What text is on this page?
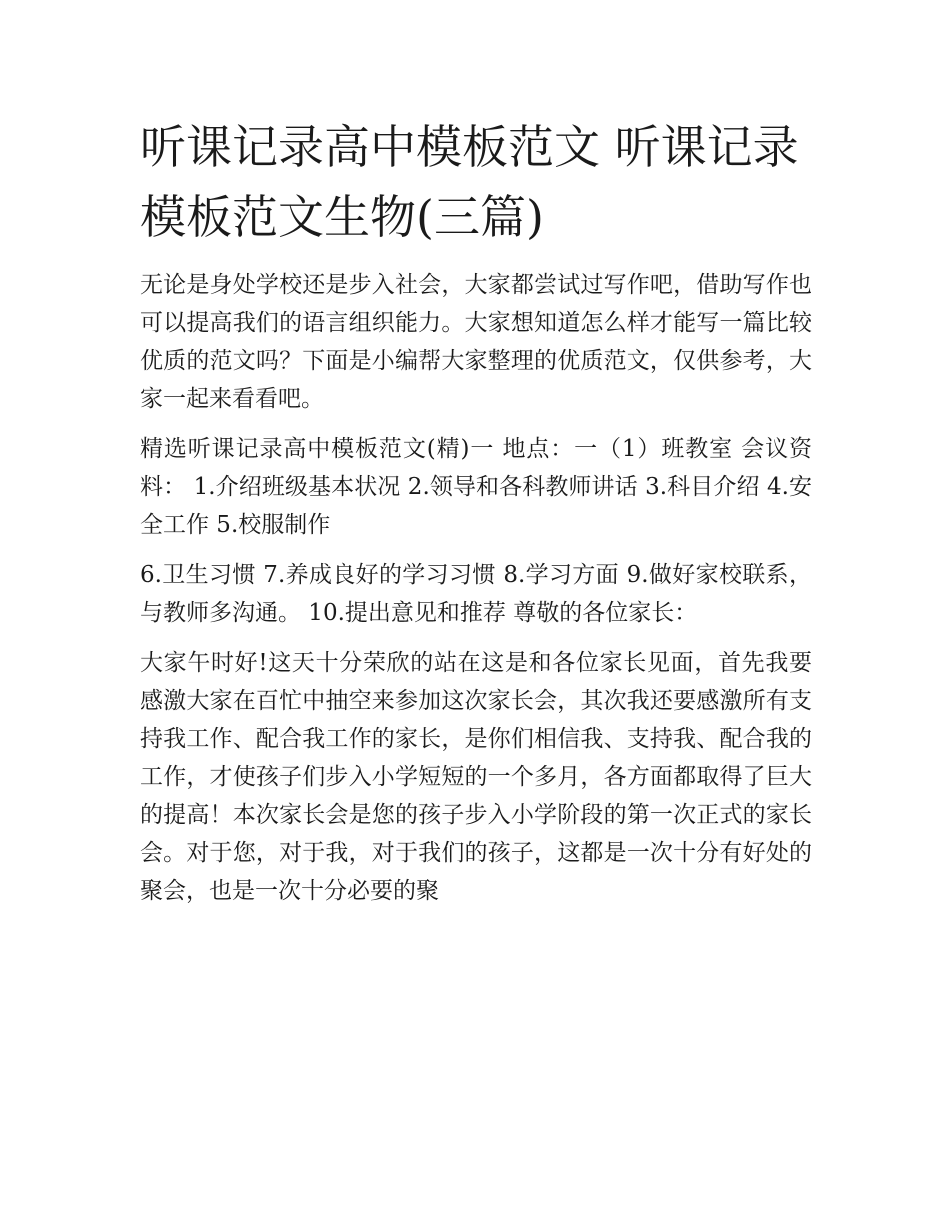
听课记录高中模板范文 听课记录模板范文生物(三篇)

无论是身处学校还是步入社会，大家都尝试过写作吧，借助写作也可以提高我们的语言组织能力。大家想知道怎么样才能写一篇比较优质的范文吗？下面是小编帮大家整理的优质范文，仅供参考，大家一起来看看吧。

精选听课记录高中模板范文(精)一 地点：一（1）班教室 会议资料： 1.介绍班级基本状况 2.领导和各科教师讲话 3.科目介绍 4.安全工作 5.校服制作

6.卫生习惯 7.养成良好的学习习惯 8.学习方面 9.做好家校联系，与教师多沟通。 10.提出意见和推荐 尊敬的各位家长：

大家午时好!这天十分荣欣的站在这是和各位家长见面，首先我要感激大家在百忙中抽空来参加这次家长会，其次我还要感激所有支持我工作、配合我工作的家长，是你们相信我、支持我、配合我的工作，才使孩子们步入小学短短的一个多月，各方面都取得了巨大的提高！本次家长会是您的孩子步入小学阶段的第一次正式的家长会。对于您，对于我，对于我们的孩子，这都是一次十分有好处的聚会，也是一次十分必要的聚
